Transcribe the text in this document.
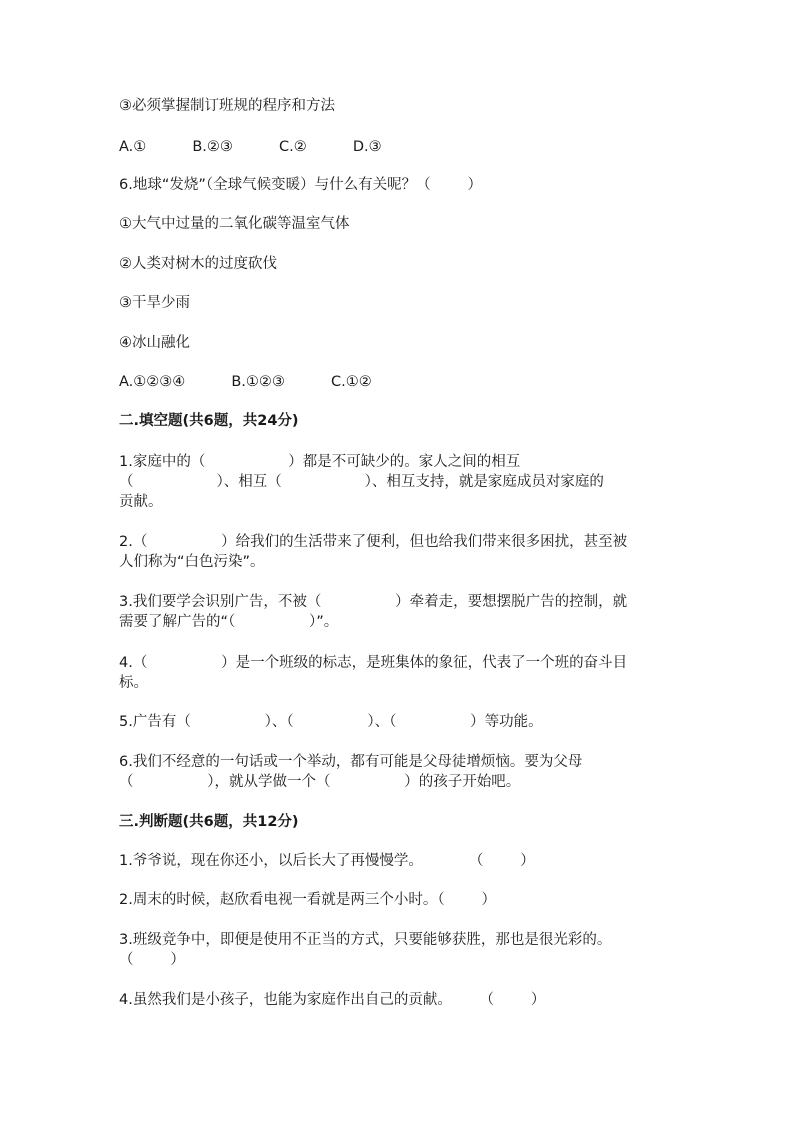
③必须掌握制订班规的程序和方法
A.①          B.②③          C.②          D.③
6.地球“发烧”（全球气候变暖）与什么有关呢？（        ）
①大气中过量的二氧化碳等温室气体
②人类对树木的过度砍伐
③干旱少雨
④冰山融化
A.①②③④          B.①②③          C.①②
二.填空题(共6题，共24分)
1.家庭中的（                  ）都是不可缺少的。家人之间的相互
（                  ）、相互（                  ）、相互支持，就是家庭成员对家庭的
贡献。
2.（                ）给我们的生活带来了便利，但也给我们带来很多困扰，甚至被
人们称为“白色污染”。
3.我们要学会识别广告，不被（                ）牵着走，要想摆脱广告的控制，就
需要了解广告的“（                ）”。
4.（                ）是一个班级的标志，是班集体的象征，代表了一个班的奋斗目
标。
5.广告有（                ）、（                ）、（                ）等功能。
6.我们不经意的一句话或一个举动，都有可能是父母徒增烦恼。要为父母
（                ），就从学做一个（                ）的孩子开始吧。
三.判断题(共6题，共12分)
1.爷爷说，现在你还小，以后长大了再慢慢学。          （        ）
2.周末的时候，赵欣看电视一看就是两三个小时。（        ）
3.班级竞争中，即便是使用不正当的方式，只要能够获胜，那也是很光彩的。
（        ）
4.虽然我们是小孩子，也能为家庭作出自己的贡献。      （        ）
